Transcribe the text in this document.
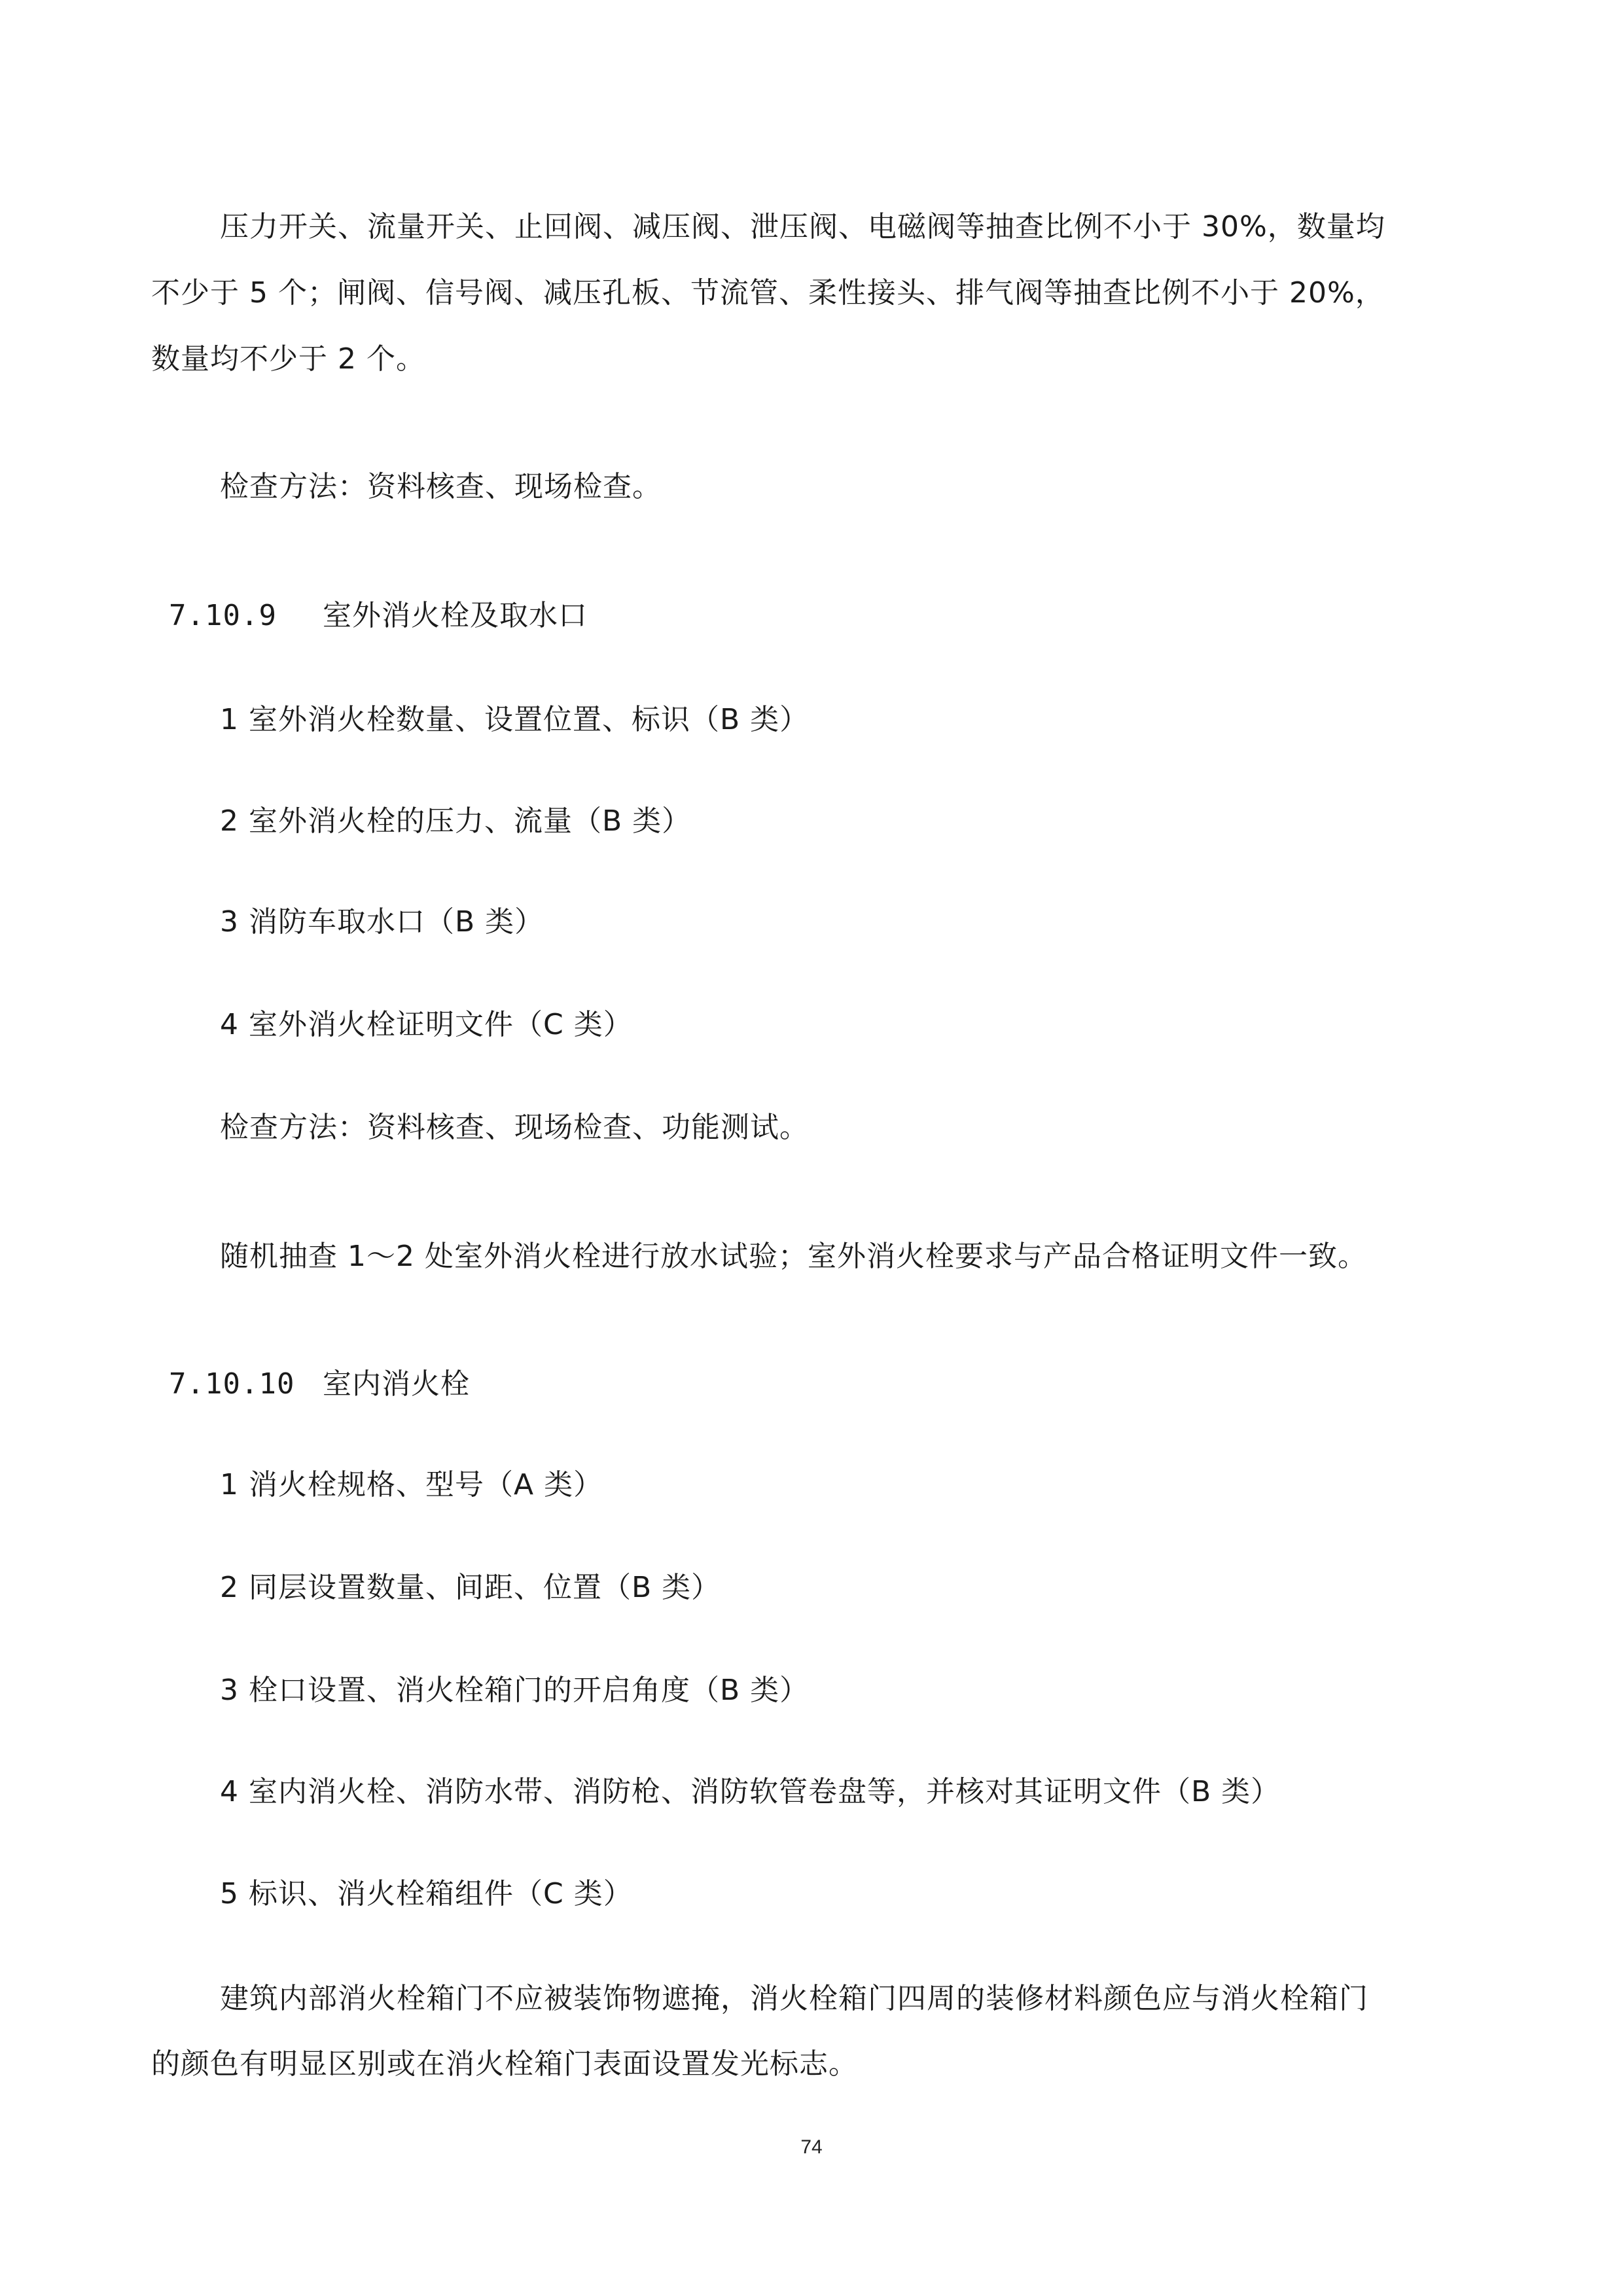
压力开关、流量开关、止回阀、减压阀、泄压阀、电磁阀等抽查比例不小于 30%，数量均
不少于 5 个；闸阀、信号阀、减压孔板、节流管、柔性接头、排气阀等抽查比例不小于 20%，
数量均不少于 2 个。
检查方法：资料核查、现场检查。
7.10.9 室外消火栓及取水口
1 室外消火栓数量、设置位置、标识（B 类）
2 室外消火栓的压力、流量（B 类）
3 消防车取水口（B 类）
4 室外消火栓证明文件（C 类）
检查方法：资料核查、现场检查、功能测试。
随机抽查 1～2 处室外消火栓进行放水试验；室外消火栓要求与产品合格证明文件一致。
7.10.10 室内消火栓
1 消火栓规格、型号（A 类）
2 同层设置数量、间距、位置（B 类）
3 栓口设置、消火栓箱门的开启角度（B 类）
4 室内消火栓、消防水带、消防枪、消防软管卷盘等，并核对其证明文件（B 类）
5 标识、消火栓箱组件（C 类）
建筑内部消火栓箱门不应被装饰物遮掩，消火栓箱门四周的装修材料颜色应与消火栓箱门
74
的颜色有明显区别或在消火栓箱门表面设置发光标志。
